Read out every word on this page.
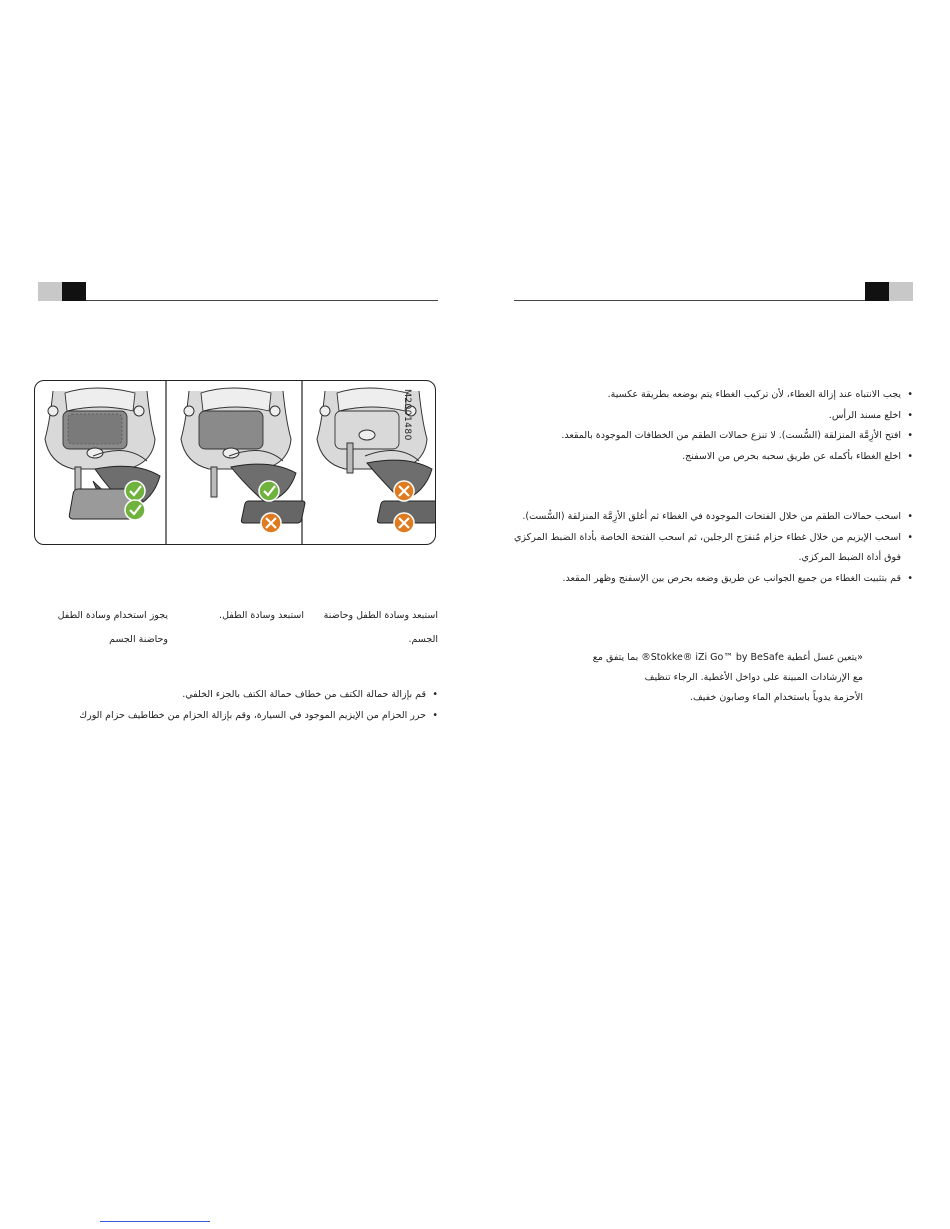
M2001480
يجوز استخدام وسادة الطفل وحاضنة الجسم
استبعد وسادة الطفل.	استبعد وسادة الطفل وحاضنة الجسم.
• قم بإزالة حمالة الكتف من خطاف حمالة الكتف بالجزء الخلفي.
• حرر الحزام من الإيزيم الموجود في السيارة، وقم بإزالة الحزام من خطاطيف حزام الورك
• يجب الانتباه عند إزالة الغطاء، لأن تركيب الغطاء يتم بوضعه بطريقة عكسية.
• اخلع مسند الرأس.
• افتح الأزِمَّة المنزلقة (السُّست). لا تنزع حمالات الطقم من الخطافات الموجودة بالمقعد.
• اخلع الغطاء بأكمله عن طريق سحبه بحرص من الاسفنج.
• اسحب حمالات الطقم من خلال الفتحات الموجودة في الغطاء ثم أغلق الأزِمَّة المنزلقة (السُّست).
• اسحب الإيزيم من خلال غطاء حزام مُنفرَج الرجلين، ثم اسحب الفتحة الخاصة بأداة الضبط المركزي فوق أداة الضبط المركزي.
• قم بتثبيت الغطاء من جميع الجوانب عن طريق وضعه بحرص بين الإسفنج وظهر المقعد.
«يتعين غسل أغطية Stokke® iZi Go™ by BeSafe® بما يتفق مع
مع الإرشادات المبينة على دواخل الأغطية. الرجاء تنظيف
الأحزمة يدوياً باستخدام الماء وصابون خفيف.
